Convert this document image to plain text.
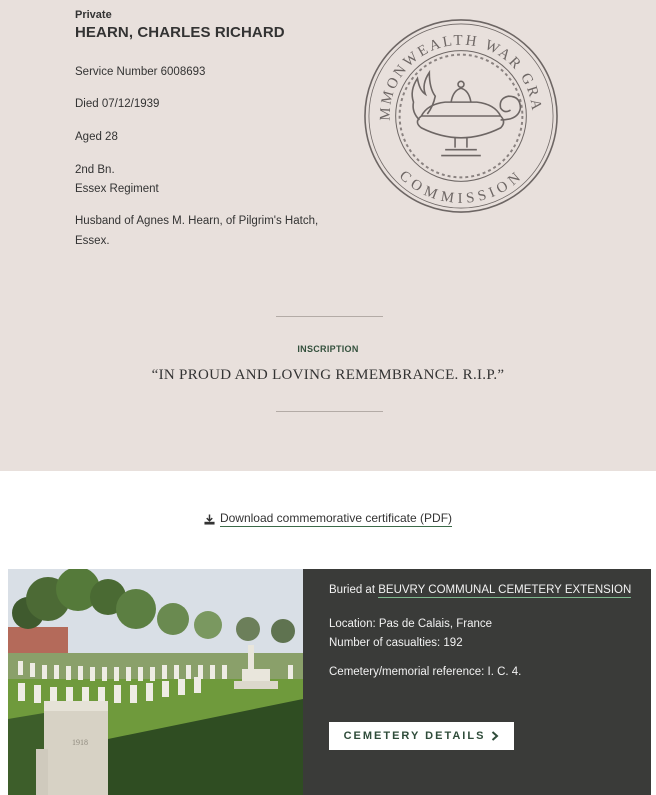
Private
HEARN, CHARLES RICHARD
Service Number 6008693
Died 07/12/1939
Aged 28
2nd Bn.
Essex Regiment
Husband of Agnes M. Hearn, of Pilgrim's Hatch, Essex.
MMONWEALTH WAR GRA
COMMISSION
INSCRIPTION
“IN PROUD AND LOVING REMEMBRANCE. R.I.P.”
Download commemorative certificate (PDF)
1918
Buried at BEUVRY COMMUNAL CEMETERY EXTENSION
Location: Pas de Calais, France
Number of casualties: 192
Cemetery/memorial reference: I. C. 4.
CEMETERY DETAILS
